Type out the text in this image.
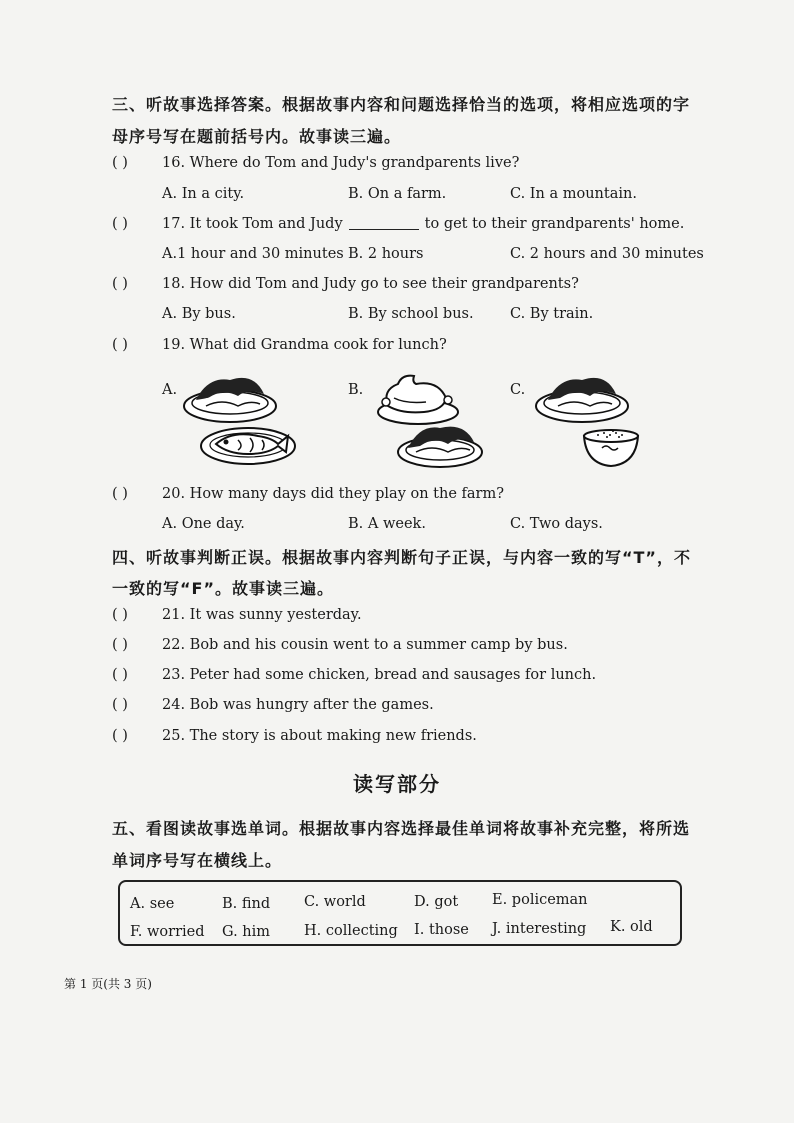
三、听故事选择答案。根据故事内容和问题选择恰当的选项，将相应选项的字
母序号写在题前括号内。故事读三遍。
( ) 16. Where do Tom and Judy's grandparents live?
A. In a city.	B. On a farm.	C. In a mountain.
( ) 17. It took Tom and Judy	to get to their grandparents' home.
A.1 hour and 30 minutes B. 2 hours	C. 2 hours and 30 minutes
( ) 18. How did Tom and Judy go to see their grandparents?
A. By bus.	B. By school bus.	C. By train.
( ) 19. What did Grandma cook for lunch?
A.	B.	C.
( ) 20. How many days did they play on the farm?
A. One day.	B. A week.	C. Two days.
四、听故事判断正误。根据故事内容判断句子正误，与内容一致的写“T”，不
一致的写“F”。故事读三遍。
( ) 21. It was sunny yesterday.
( ) 22. Bob and his cousin went to a summer camp by bus.
( ) 23. Peter had some chicken, bread and sausages for lunch.
( ) 24. Bob was hungry after the games.
( ) 25. The story is about making new friends.
读写部分
五、看图读故事选单词。根据故事内容选择最佳单词将故事补充完整，将所选
单词序号写在横线上。
A. see	B. find C. world	D. got E. policeman
F. worried G. him H. collecting I. those J. interesting K. old
第 1 页(共 3 页)
